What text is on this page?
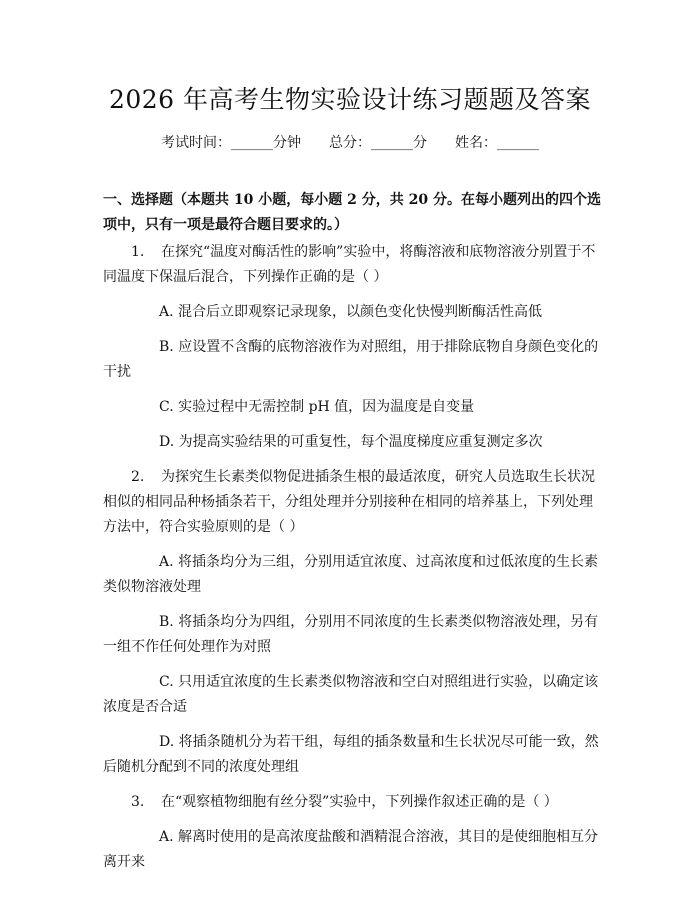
2026 年高考生物实验设计练习题题及答案
考试时间：______分钟 总分：______分 姓名：______

一、选择题（本题共 10 小题，每小题 2 分，共 20 分。在每小题列出的四个选项中，只有一项是最符合题目要求的。）

1. 在探究“温度对酶活性的影响”实验中，将酶溶液和底物溶液分别置于不同温度下保温后混合，下列操作正确的是（ ）

A. 混合后立即观察记录现象，以颜色变化快慢判断酶活性高低

B. 应设置不含酶的底物溶液作为对照组，用于排除底物自身颜色变化的干扰

C. 实验过程中无需控制 pH 值，因为温度是自变量

D. 为提高实验结果的可重复性，每个温度梯度应重复测定多次

2. 为探究生长素类似物促进插条生根的最适浓度，研究人员选取生长状况相似的相同品种杨插条若干，分组处理并分别接种在相同的培养基上，下列处理方法中，符合实验原则的是（ ）

A. 将插条均分为三组，分别用适宜浓度、过高浓度和过低浓度的生长素类似物溶液处理

B. 将插条均分为四组，分别用不同浓度的生长素类似物溶液处理，另有一组不作任何处理作为对照

C. 只用适宜浓度的生长素类似物溶液和空白对照组进行实验，以确定该浓度是否合适

D. 将插条随机分为若干组，每组的插条数量和生长状况尽可能一致，然后随机分配到不同的浓度处理组

3. 在“观察植物细胞有丝分裂”实验中，下列操作叙述正确的是（ ）

A. 解离时使用的是高浓度盐酸和酒精混合溶液，其目的是使细胞相互分离开来
